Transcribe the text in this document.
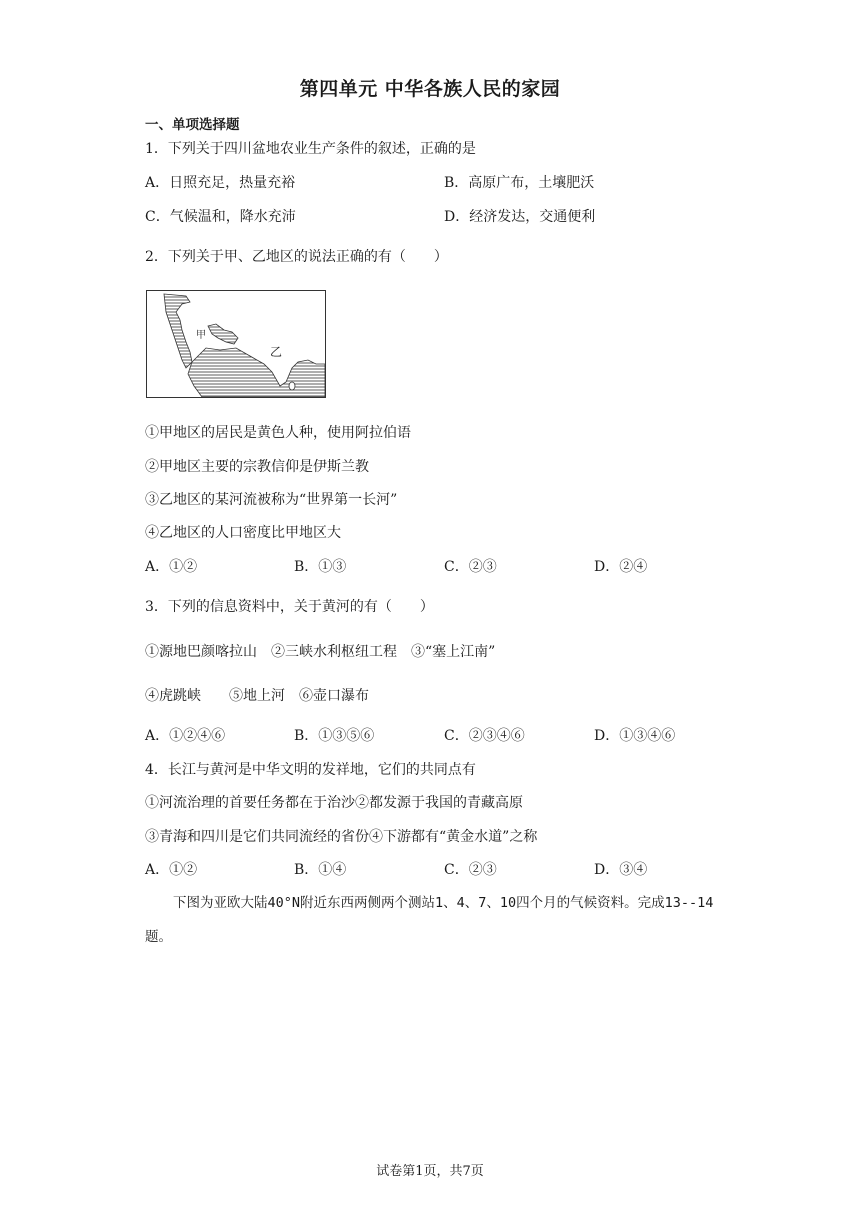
第四单元 中华各族人民的家园
一、单项选择题
1．下列关于四川盆地农业生产条件的叙述，正确的是
A．日照充足，热量充裕	B．高原广布，土壤肥沃
C．气候温和，降水充沛	D．经济发达，交通便利
2．下列关于甲、乙地区的说法正确的有（　　）
甲
乙
①甲地区的居民是黄色人种，使用阿拉伯语
②甲地区主要的宗教信仰是伊斯兰教
③乙地区的某河流被称为“世界第一长河”
④乙地区的人口密度比甲地区大
A．①②	B．①③	C．②③	D．②④
3．下列的信息资料中，关于黄河的有（　　）
①源地巴颜喀拉山　②三峡水利枢纽工程　③“塞上江南”
④虎跳峡　　⑤地上河　⑥壶口瀑布
A．①②④⑥	B．①③⑤⑥	C．②③④⑥	D．①③④⑥
4．长江与黄河是中华文明的发祥地，它们的共同点有
①河流治理的首要任务都在于治沙②都发源于我国的青藏高原
③青海和四川是它们共同流经的省份④下游都有“黄金水道”之称
A．①②	B．①④	C．②③	D．③④
下图为亚欧大陆40°N附近东西两侧两个测站1、4、7、10四个月的气候资料。完成13--14题。
试卷第1页，共7页
